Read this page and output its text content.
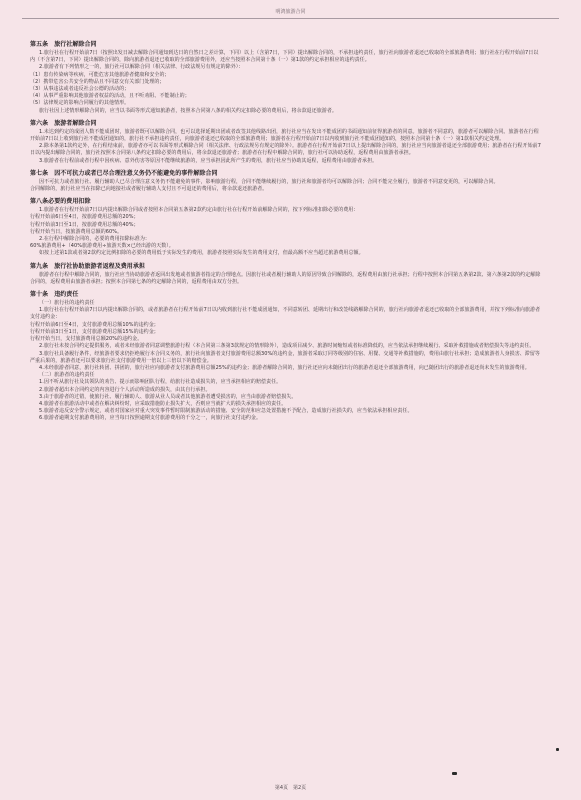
明鸿旅游合同
第五条　旅行社解除合同
1.旅行社在行程开始前7日（按照出发日减去解除合同通知到达日的自然日之差计算，下同）以上（含第7日，下同）提出解除合同的，不承担违约责任，旅行社向旅游者退还已收取的全部旅游费用；旅行社在行程开始前7日以内（不含第7日，下同）提出解除合同的，除向旅游者退还已收取的全部旅游费用外，还应当按照本合同第十条（一）第1款的约定承担相应的违约责任。
2.旅游者有下列情形之一的，旅行社可以解除合同（相关法律、行政法规另有规定的除外）：
（1）患有传染病等疾病，可能危害其他旅游者健康和安全的；
（2）携带危害公共安全的物品且不同意交有关部门处理的；
（3）从事违法或者违反社会公德的活动的；
（4）从事严重影响其他旅游者权益的活动，且不听劝阻、不能制止的；
（5）法律规定的影响合同履行的其他情形。
旅行社因上述情形解除合同的，应当以书面等形式通知旅游者，按照本合同第八条的相关约定扣除必要的费用后，将余款退还旅游者。
第六条　旅游者解除合同
1.未达到约定的成团人数不能成团时，旅游者既可以解除合同，也可以选择延期出团或者改签其他线路出团，旅行社应当在发出不能成团的书面通知前征得旅游者的同意。旅游者不同意的，旅游者可以解除合同。旅游者在行程开始前7日以上收到旅行社不能成团通知的，旅行社不承担违约责任，向旅游者退还已收取的全部旅游费用；旅游者在行程开始前7日以内收到旅行社不能成团通知的，按照本合同第十条（一）第1款相关约定处理。
2.除本条第1款约定外，在行程结束前，旅游者亦可以书面等形式解除合同（相关法律、行政法规另有规定的除外）。旅游者在行程开始前7日以上提出解除合同的，旅行社应当向旅游者退还全部旅游费用；旅游者在行程开始前7日以内提出解除合同的，旅行社按照本合同第八条约定扣除必要的费用后，将余款退还旅游者；旅游者在行程中解除合同的，旅行社可以协助返程，返程费用由旅游者承担。
3.旅游者在行程前或者行程中因疾病、意外伤害等原因不能继续旅游的，应当承担因此所产生的费用，旅行社应当协助其返程，返程费用由旅游者承担。
第七条　因不可抗力或者已尽合理注意义务仍不能避免的事件解除合同
因不可抗力或者旅行社、履行辅助人已尽合理注意义务仍不能避免的事件，影响旅游行程，合同不能继续履行的，旅行社和旅游者均可以解除合同；合同不能完全履行，旅游者不同意变更的，可以解除合同。
合同解除的，旅行社应当在扣除已向地接社或者履行辅助人支付且不可退还的费用后，将余款退还旅游者。
第八条必要的费用扣除
1.旅游者在行程开始前7日以内提出解除合同或者按照本合同第五条第2款约定由旅行社在行程开始前解除合同的，按下列标准扣除必要的费用：
行程开始前6日至4日，按旅游费用总额的20%；
行程开始前3日至1日，按旅游费用总额的40%；
行程开始当日，按旅游费用总额的60%。
2.在行程中解除合同的，必要的费用扣除标准为：
60%旅游费用+（40%旅游费用÷旅游天数×已经出游的天数）。
如按上述第1款或者第2款约定比例扣除的必要的费用低于实际发生的费用，旅游者按照实际发生的费用支付，但最高额不应当超过旅游费用总额。
第九条　旅行社协助旅游者返程及费用承担
旅游者在行程中解除合同的，旅行社应当协助旅游者返回出发地或者旅游者指定的合理地点。因旅行社或者履行辅助人的原因导致合同解除的，返程费用由旅行社承担；行程中按照本合同第五条第2款、第六条第2款的约定解除合同的，返程费用由旅游者承担；按照本合同第七条的约定解除合同的，返程费用由双方分担。
第十条　违约责任
（一）旅行社的违约责任
1.旅行社在行程开始前7日以内提出解除合同的，或者旅游者在行程开始前7日以内收到旅行社不能成团通知，不同意转团、延期出行和改签线路解除合同的，旅行社向旅游者退还已收取的全部旅游费用，并按下列标准向旅游者支付违约金：
行程开始前6日至4日，支付旅游费用总额10%的违约金；
行程开始前3日至1日，支付旅游费用总额15%的违约金；
行程开始当日，支付旅游费用总额20%的违约金。
2.旅行社未按合同约定提供服务，或者未经旅游者同意调整旅游行程（本合同第三条第3款规定的情形除外），造成项目减少、旅游时间缩短或者标准降低的，应当依法承担继续履行、采取补救措施或者赔偿损失等违约责任。
3.旅行社具备履行条件，经旅游者要求仍拒绝履行本合同义务的，旅行社向旅游者支付旅游费用总额30%的违约金，旅游者采取订同等级别的住宿、用餐、交通等补救措施的，费用由旅行社承担；造成旅游者人身损害、滞留等严重后果的，旅游者还可以要求旅行社支付旅游费用一倍以上三倍以下的赔偿金。
4.未经旅游者同意，旅行社转团、拼团的，旅行社应向旅游者支付旅游费用总额25%的违约金；旅游者解除合同的，旅行社还应向未随团出行的旅游者退还全部旅游费用，向已随团出行的旅游者退还尚未发生的旅游费用。
（二）旅游者的违约责任
1.因不听从旅行社及其领队的劝告、提示而影响团队行程，给旅行社造成损失的，应当承担相应的赔偿责任。
2.旅游者超出本合同约定的内容进行个人活动所造成的损失，由其自行承担。
3.由于旅游者的过错，使旅行社、履行辅助人、旅游从业人员或者其他旅游者遭受损害的，应当由旅游者赔偿损失。
4.旅游者在旅游活动中或者在解决纠纷时，应采取措施防止损失扩大，否则应当就扩大的损失承担相应的责任。
5.旅游者违反安全警示规定，或者对国家应对重大突发事件暂时限制旅游活动的措施、安全防范和应急处置措施不予配合，造成旅行社损失的，应当依法承担相应责任。
6.旅游者逾期支付旅游费用的，应当每日按照逾期支付旅游费用的千分之一，向旅行社支付违约金。
第4页　第2页
